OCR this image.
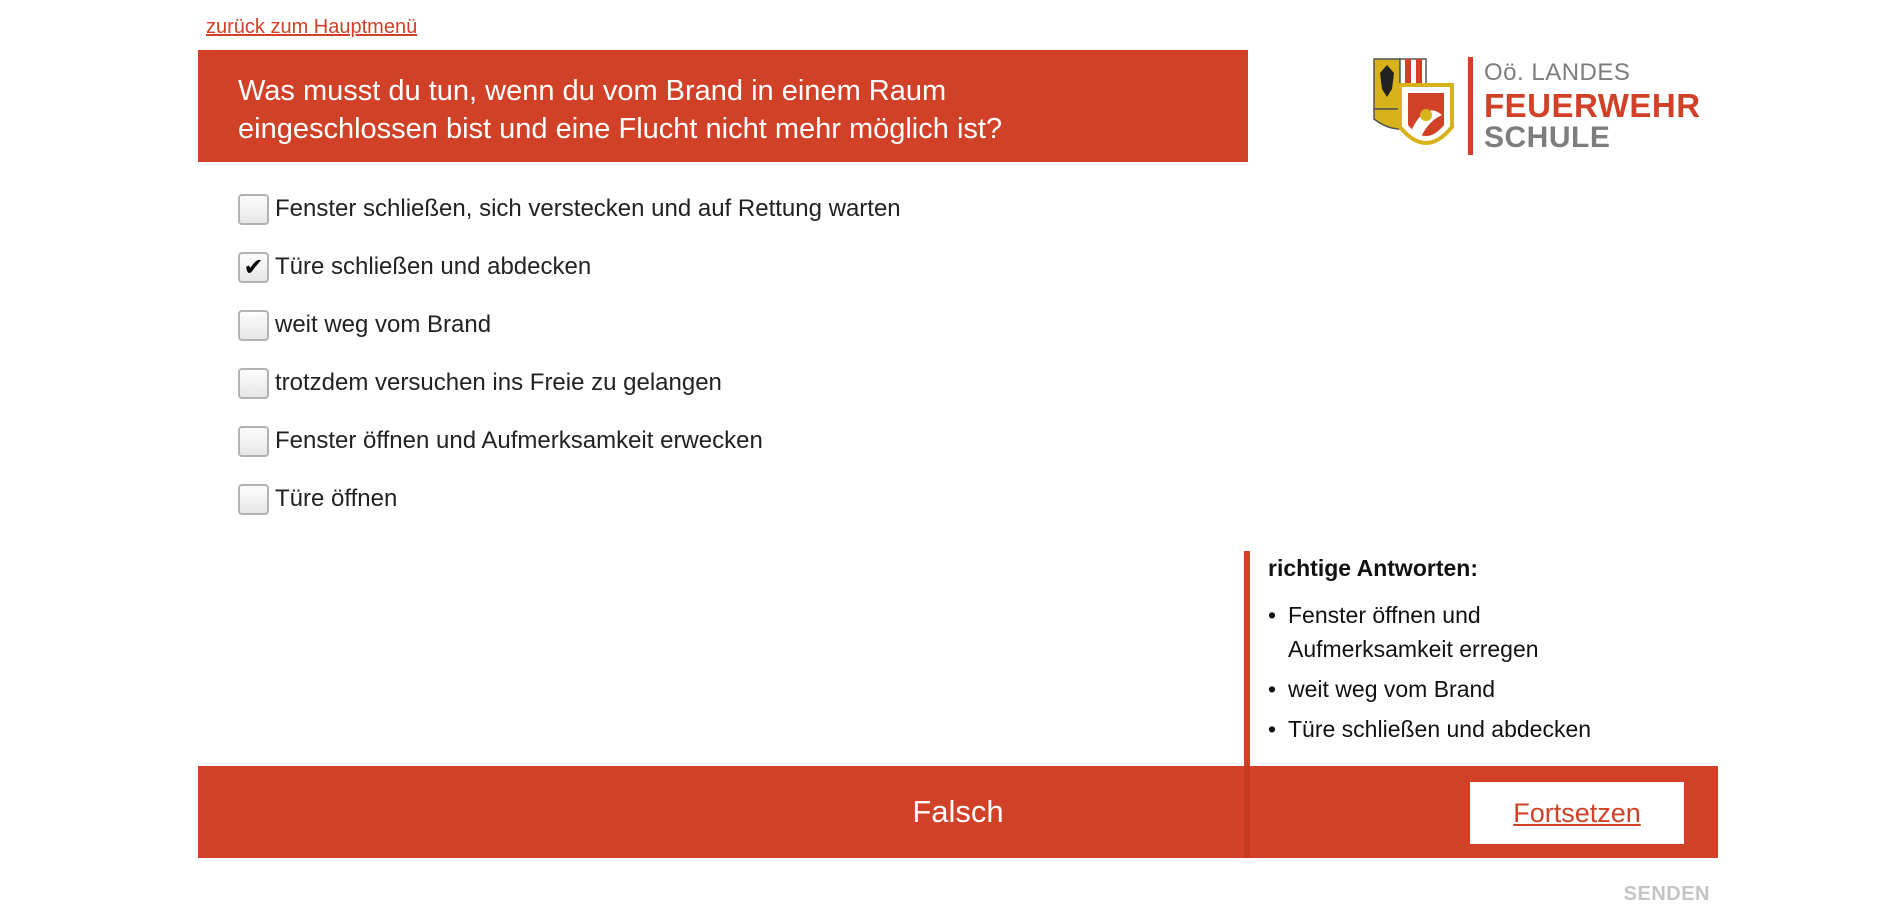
zurück zum Hauptmenü
Was musst du tun, wenn du vom Brand in einem Raum
eingeschlossen bist und eine Flucht nicht mehr möglich ist?
Oö. LANDES
FEUERWEHR
SCHULE
Fenster schließen, sich verstecken und auf Rettung warten
✔ Türe schließen und abdecken
weit weg vom Brand
trotzdem versuchen ins Freie zu gelangen
Fenster öffnen und Aufmerksamkeit erwecken
Türe öffnen
richtige Antworten:
• Fenster öffnen und Aufmerksamkeit erregen
• weit weg vom Brand
• Türe schließen und abdecken
Falsch	Fortsetzen
SENDEN
